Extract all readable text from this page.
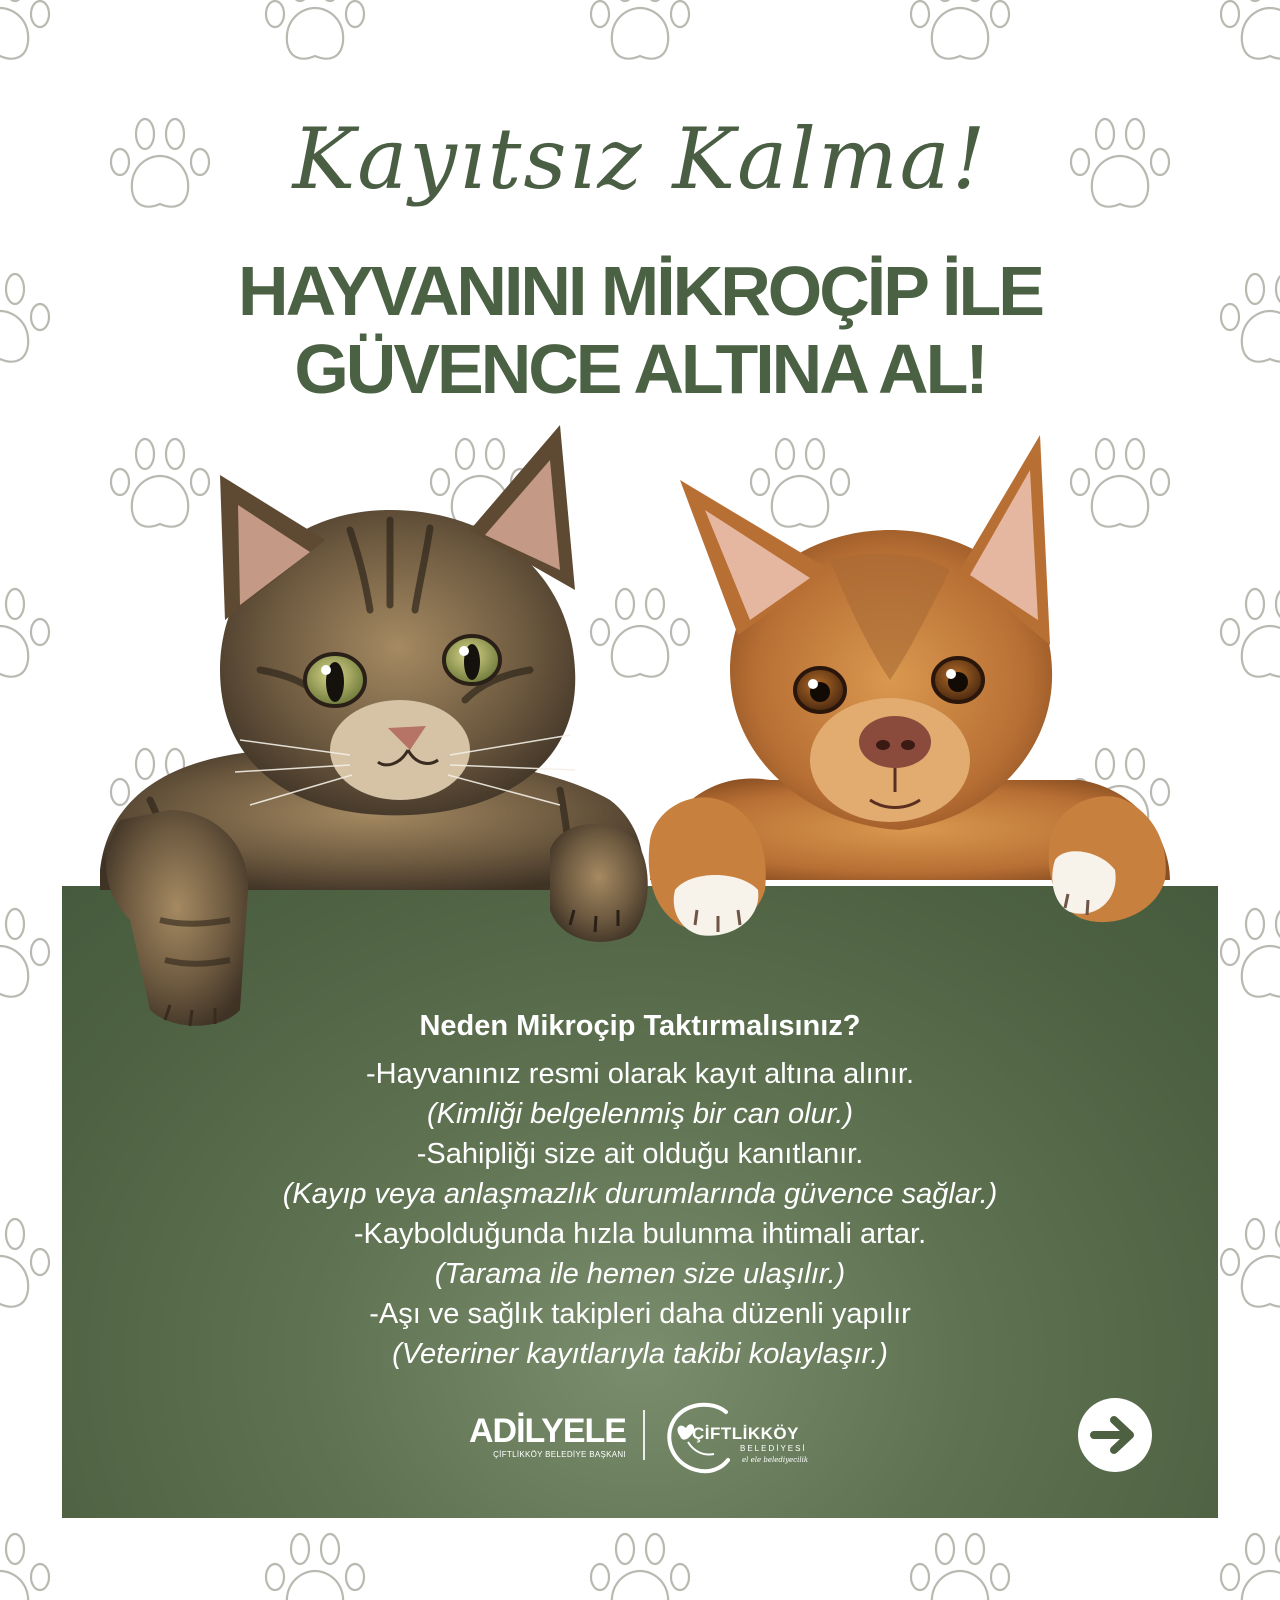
Kayıtsız Kalma!
HAYVANINI MİKROÇİP İLE
GÜVENCE ALTINA AL!
Neden Mikroçip Taktırmalısınız?
-Hayvanınız resmi olarak kayıt altına alınır.
(Kimliği belgelenmiş bir can olur.)
-Sahipliği size ait olduğu kanıtlanır.
(Kayıp veya anlaşmazlık durumlarında güvence sağlar.)
-Kaybolduğunda hızla bulunma ihtimali artar.
(Tarama ile hemen size ulaşılır.)
-Aşı ve sağlık takipleri daha düzenli yapılır
(Veteriner kayıtlarıyla takibi kolaylaşır.)
ADİLYELE
ÇİFTLİKKÖY BELEDİYE BAŞKANI
ÇİFTLİKKÖY
BELEDİYESİ
el ele belediyecilik
